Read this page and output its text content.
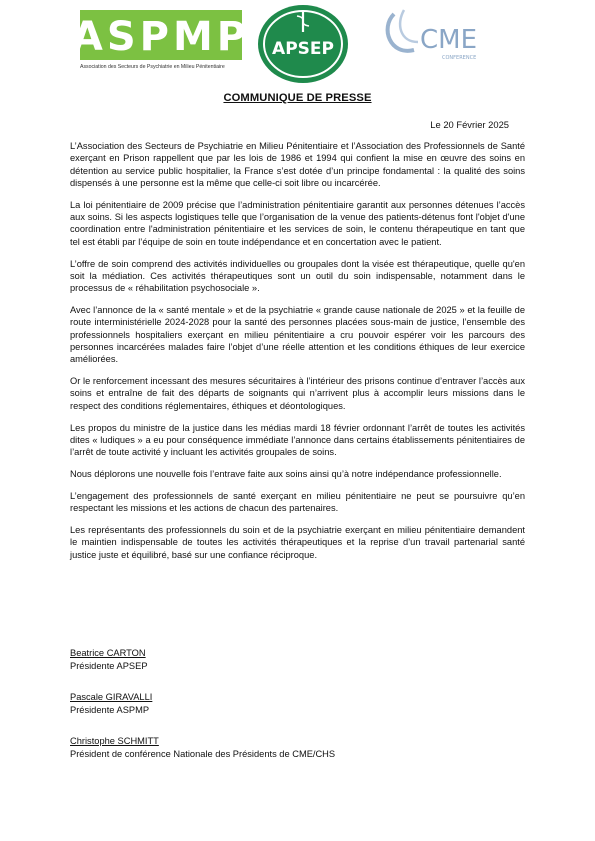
ASPMP
Association des Secteurs de Psychiatrie en Milieu Pénitentiaire
APSEP	CME
CONFERENCE
COMMUNIQUE DE PRESSE
Le 20 Février 2025

L’Association des Secteurs de Psychiatrie en Milieu Pénitentiaire et l’Association des Professionnels de Santé exerçant en Prison rappellent que par les lois de 1986 et 1994 qui confient la mise en œuvre des soins en détention au service public hospitalier, la France s’est dotée d’un principe fondamental : la qualité des soins dispensés à une personne est la même que celle-ci soit libre ou incarcérée.

La loi pénitentiaire de 2009 précise que l’administration pénitentiaire garantit aux personnes détenues l’accès aux soins. Si les aspects logistiques telle que l’organisation de la venue des patients-détenus font l'objet d'une coordination entre l'administration pénitentiaire et les services de soin, le contenu thérapeutique en tant que tel est établi par l’équipe de soin en toute indépendance et en concertation avec le patient.

L’offre de soin comprend des activités individuelles ou groupales dont la visée est thérapeutique, quelle qu'en soit la médiation. Ces activités thérapeutiques sont un outil du soin indispensable, notamment dans le processus de « réhabilitation psychosociale ».

Avec l’annonce de la « santé mentale » et de la psychiatrie « grande cause nationale de 2025 » et la feuille de route interministérielle 2024-2028 pour la santé des personnes placées sous-main de justice, l’ensemble des professionnels hospitaliers exerçant en milieu pénitentiaire a cru pouvoir espérer voir les parcours des personnes incarcérées malades faire l’objet d’une réelle attention et les conditions éthiques de leur exercice améliorées.

Or le renforcement incessant des mesures sécuritaires à l’intérieur des prisons continue d’entraver l’accès aux soins et entraîne de fait des départs de soignants qui n’arrivent plus à accomplir leurs missions dans le respect des conditions réglementaires, éthiques et déontologiques.

Les propos du ministre de la justice dans les médias mardi 18 février ordonnant l’arrêt de toutes les activités dites « ludiques » a eu pour conséquence immédiate l’annonce dans certains établissements pénitentiaires de l’arrêt de toute activité y incluant les activités groupales de soins.

Nous déplorons une nouvelle fois l’entrave faite aux soins ainsi qu’à notre indépendance professionnelle.

L’engagement des professionnels de santé exerçant en milieu pénitentiaire ne peut se poursuivre qu’en respectant les missions et les actions de chacun des partenaires.

Les représentants des professionnels du soin et de la psychiatrie exerçant en milieu pénitentiaire demandent le maintien indispensable de toutes les activités thérapeutiques et la reprise d’un travail partenarial santé justice juste et équilibré, basé sur une confiance réciproque.

Beatrice CARTON
Présidente APSEP
Pascale GIRAVALLI
Présidente ASPMP
Christophe SCHMITT
Président de conférence Nationale des Présidents de CME/CHS
